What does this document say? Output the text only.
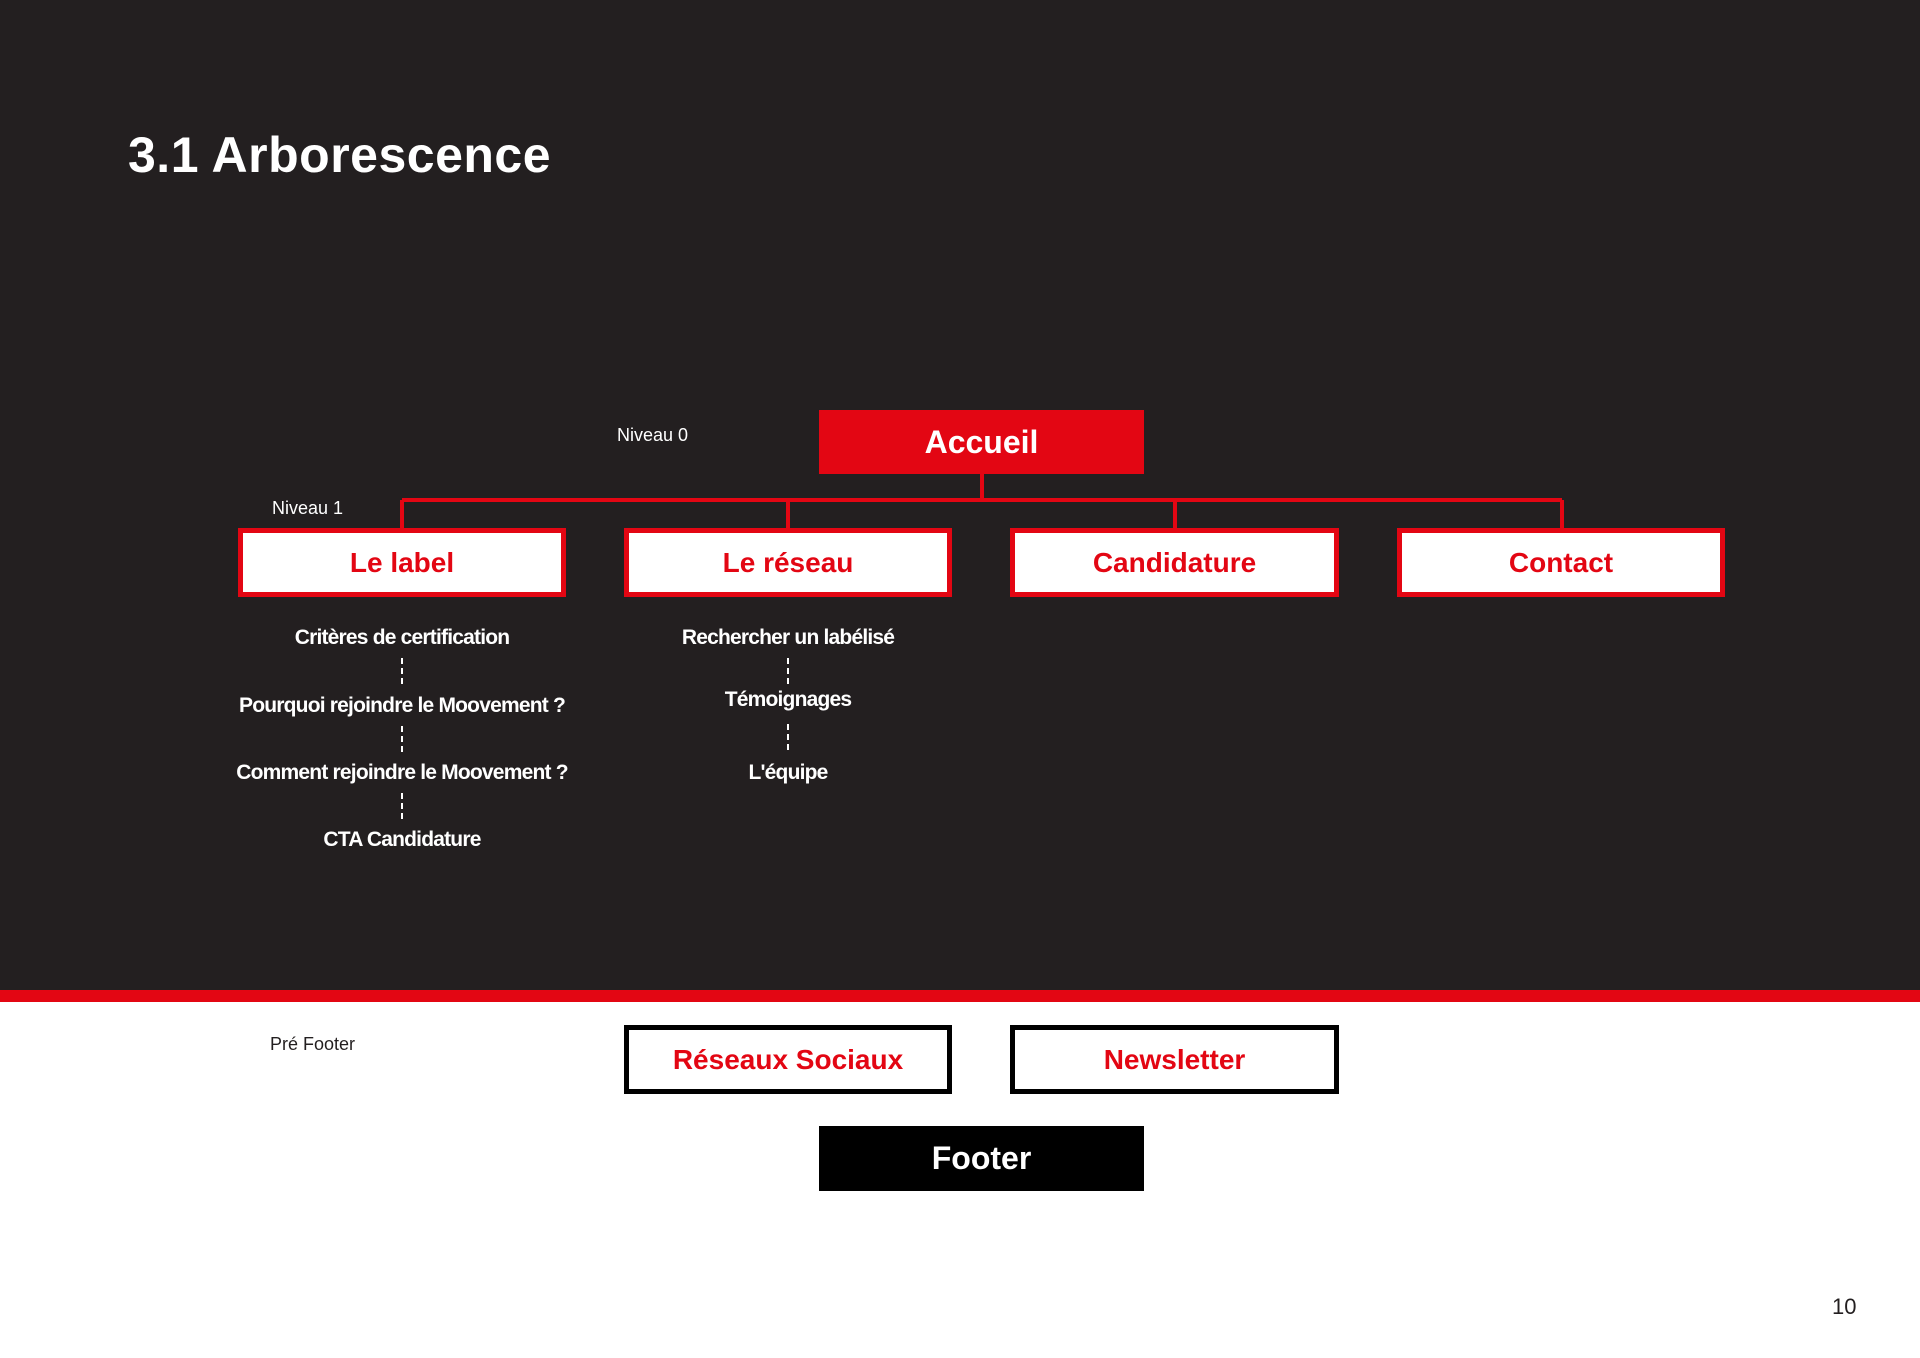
3.1 Arborescence
Niveau 0
Niveau 1
Pré Footer
Accueil
Le label	Le réseau	Candidature	Contact
Critères de certification
Pourquoi rejoindre le Moovement ?
Comment rejoindre le Moovement ?
CTA Candidature
Rechercher un labélisé
Témoignages
L'équipe
Réseaux Sociaux	Newsletter
Footer
10
